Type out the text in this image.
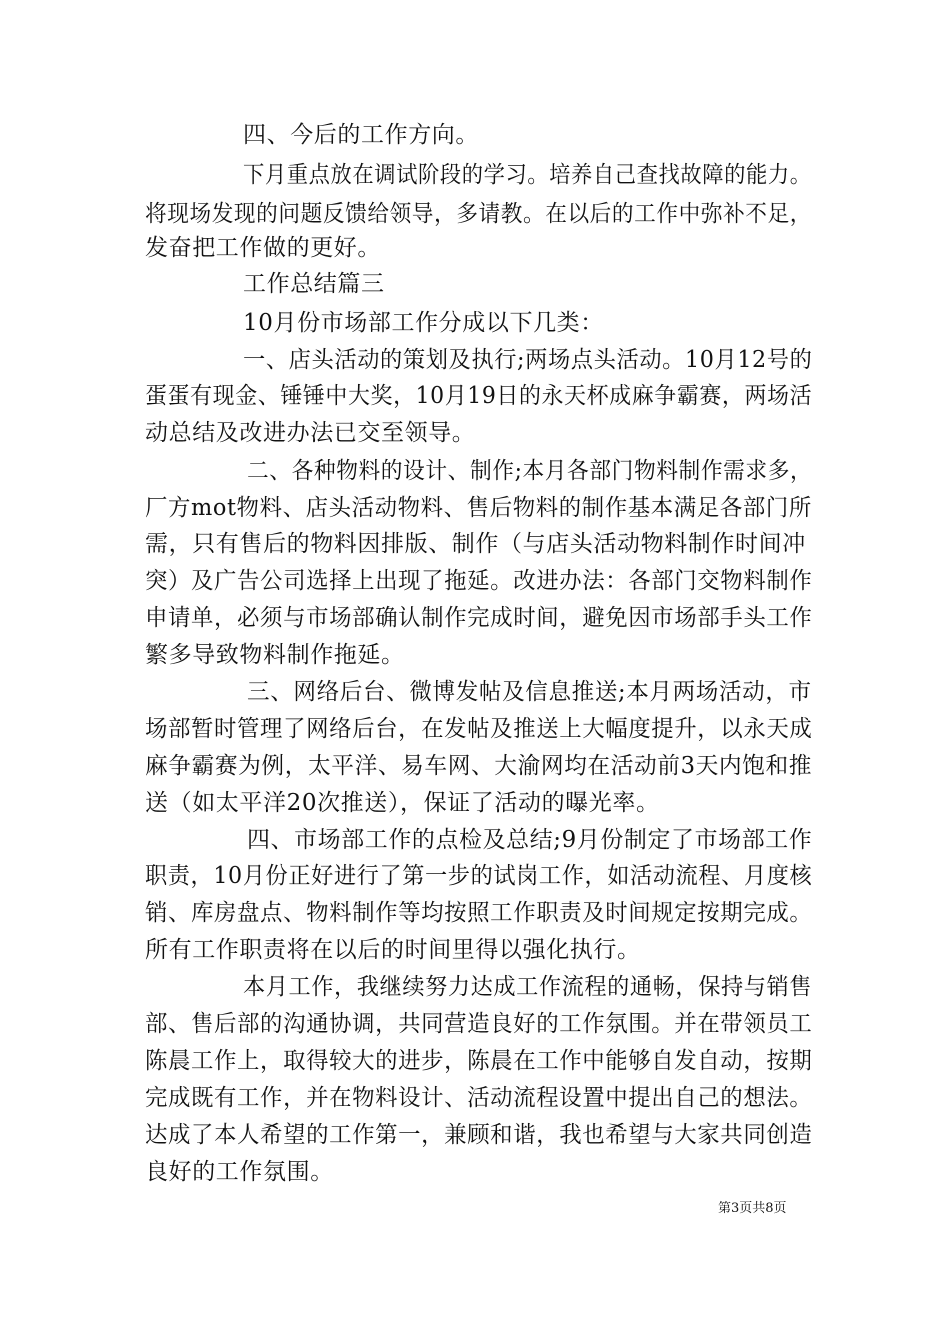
四、今后的工作方向。
下月重点放在调试阶段的学习。培养自己查找故障的能力。
将现场发现的问题反馈给领导，多请教。在以后的工作中弥补不足，
发奋把工作做的更好。
工作总结篇三
10月份市场部工作分成以下几类：
一、店头活动的策划及执行;两场点头活动。10月12号的
蛋蛋有现金、锤锤中大奖，10月19日的永天杯成麻争霸赛，两场活
动总结及改进办法已交至领导。
二、各种物料的设计、制作;本月各部门物料制作需求多，
厂方mot物料、店头活动物料、售后物料的制作基本满足各部门所
需，只有售后的物料因排版、制作（与店头活动物料制作时间冲
突）及广告公司选择上出现了拖延。改进办法：各部门交物料制作
申请单，必须与市场部确认制作完成时间，避免因市场部手头工作
繁多导致物料制作拖延。
三、网络后台、微博发帖及信息推送;本月两场活动，市
场部暂时管理了网络后台，在发帖及推送上大幅度提升，以永天成
麻争霸赛为例，太平洋、易车网、大渝网均在活动前3天内饱和推
送（如太平洋20次推送），保证了活动的曝光率。
四、市场部工作的点检及总结;9月份制定了市场部工作
职责，10月份正好进行了第一步的试岗工作，如活动流程、月度核
销、库房盘点、物料制作等均按照工作职责及时间规定按期完成。
所有工作职责将在以后的时间里得以强化执行。
本月工作，我继续努力达成工作流程的通畅，保持与销售
部、售后部的沟通协调，共同营造良好的工作氛围。并在带领员工
陈晨工作上，取得较大的进步，陈晨在工作中能够自发自动，按期
完成既有工作，并在物料设计、活动流程设置中提出自己的想法。
达成了本人希望的工作第一，兼顾和谐，我也希望与大家共同创造
良好的工作氛围。
第3页共8页
